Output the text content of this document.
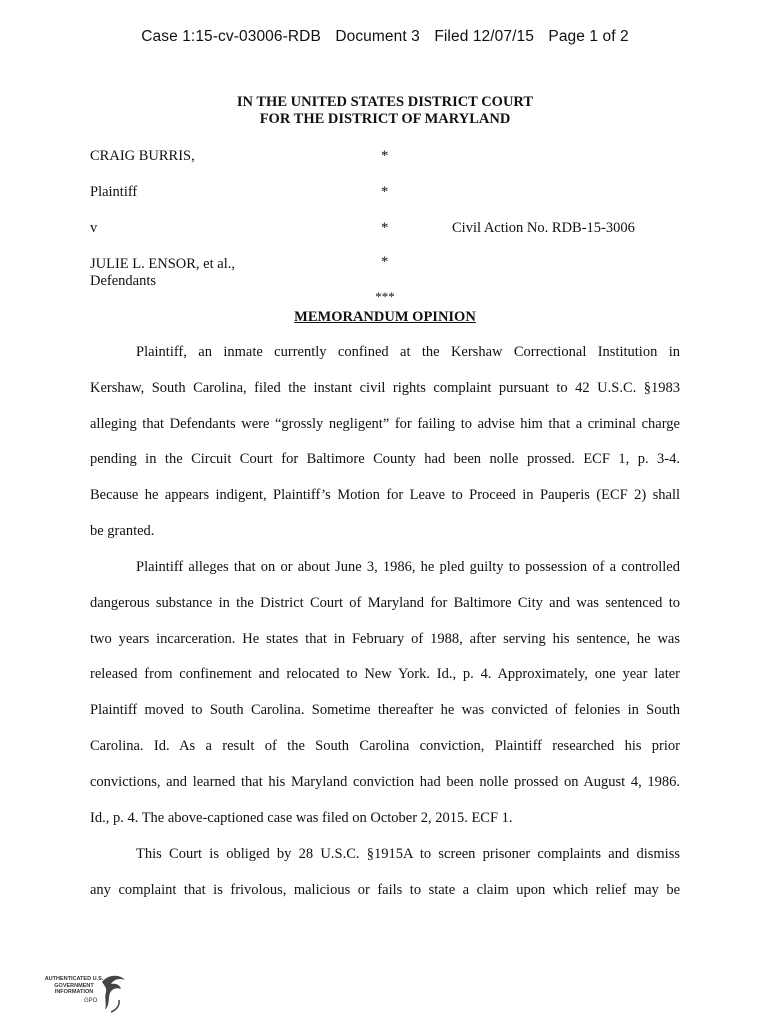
Case 1:15-cv-03006-RDB Document 3 Filed 12/07/15 Page 1 of 2
IN THE UNITED STATES DISTRICT COURT
FOR THE DISTRICT OF MARYLAND
CRAIG BURRIS,	*
Plaintiff	*
v	*	Civil Action No. RDB-15-3006
JULIE L. ENSOR, et al.,	*
Defendants
***
MEMORANDUM OPINION
Plaintiff, an inmate currently confined at the Kershaw Correctional Institution in
Kershaw, South Carolina, filed the instant civil rights complaint pursuant to 42 U.S.C. §1983
alleging that Defendants were “grossly negligent” for failing to advise him that a criminal charge
pending in the Circuit Court for Baltimore County had been nolle prossed. ECF 1, p. 3-4.
Because he appears indigent, Plaintiff’s Motion for Leave to Proceed in Pauperis (ECF 2) shall
be granted.
Plaintiff alleges that on or about June 3, 1986, he pled guilty to possession of a controlled
dangerous substance in the District Court of Maryland for Baltimore City and was sentenced to
two years incarceration. He states that in February of 1988, after serving his sentence, he was
released from confinement and relocated to New York. Id., p. 4. Approximately, one year later
Plaintiff moved to South Carolina. Sometime thereafter he was convicted of felonies in South
Carolina. Id. As a result of the South Carolina conviction, Plaintiff researched his prior
convictions, and learned that his Maryland conviction had been nolle prossed on August 4, 1986.
Id., p. 4. The above-captioned case was filed on October 2, 2015. ECF 1.
This Court is obliged by 28 U.S.C. §1915A to screen prisoner complaints and dismiss
any complaint that is frivolous, malicious or fails to state a claim upon which relief may be
AUTHENTICATED U.S. GOVERNMENT INFORMATION
GPO
